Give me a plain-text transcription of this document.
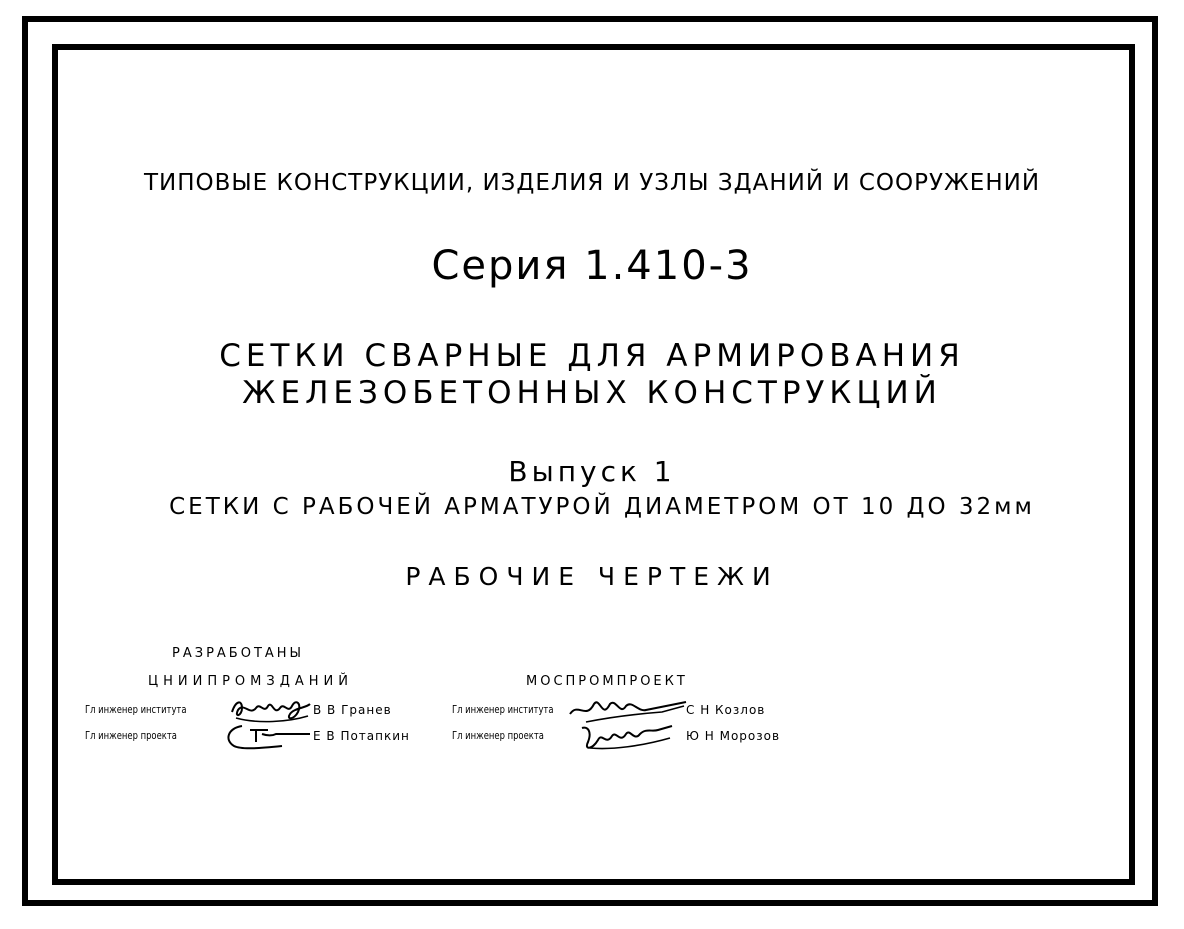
ТИПОВЫЕ КОНСТРУКЦИИ, ИЗДЕЛИЯ И УЗЛЫ ЗДАНИЙ И СООРУЖЕНИЙ
Серия 1.410-3
СЕТКИ СВАРНЫЕ ДЛЯ АРМИРОВАНИЯ
ЖЕЛЕЗОБЕТОННЫХ КОНСТРУКЦИЙ
Выпуск 1
СЕТКИ С РАБОЧЕЙ АРМАТУРОЙ ДИАМЕТРОМ ОТ 10 ДО 32мм
РАБОЧИЕ ЧЕРТЕЖИ
РАЗРАБОТАНЫ
ЦНИИПРОМЗДАНИЙ	МОСПРОМПРОЕКТ
Гл инженер института	В В Гранев
Гл инженер проекта	Е В Потапкин
Гл инженер института	С Н Козлов
Гл инженер проекта	Ю Н Морозов
